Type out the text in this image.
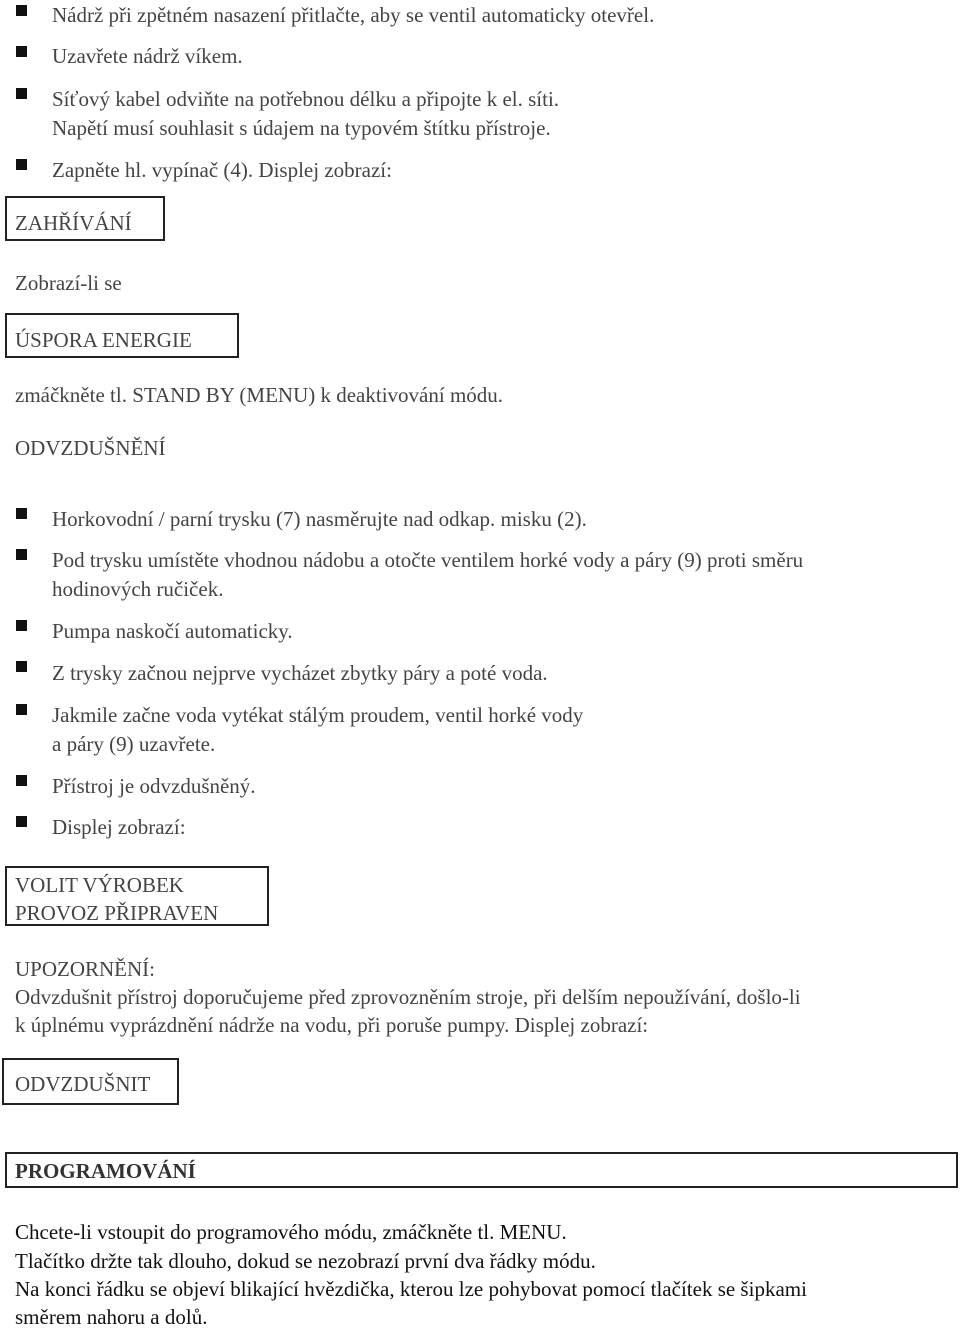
Nádrž při zpětném nasazení přitlačte, aby se ventil automaticky otevřel.
Uzavřete nádrž víkem.
Síťový kabel odviňte na potřebnou délku a připojte k el. síti.
Napětí musí souhlasit s údajem na typovém štítku přístroje.
Zapněte hl. vypínač (4). Displej zobrazí:
ZAHŘÍVÁNÍ
Zobrazí-li se
ÚSPORA ENERGIE
zmáčkněte tl. STAND BY (MENU) k deaktivování módu.
ODVZDUŠNĚNÍ
Horkovodní / parní trysku (7) nasměrujte nad odkap. misku (2).
Pod trysku umístěte vhodnou nádobu a otočte ventilem horké vody a páry (9) proti směru
hodinových ručiček.
Pumpa naskočí automaticky.
Z trysky začnou nejprve vycházet zbytky páry a poté voda.
Jakmile začne voda vytékat stálým proudem, ventil horké vody
a páry (9) uzavřete.
Přístroj je odvzdušněný.
Displej zobrazí:
VOLIT VÝROBEK
PROVOZ PŘIPRAVEN
UPOZORNĚNÍ:
Odvzdušnit přístroj doporučujeme před zprovozněním stroje, při delším nepoužívání, došlo-li
k úplnému vyprázdnění nádrže na vodu, při poruše pumpy. Displej zobrazí:
ODVZDUŠNIT
PROGRAMOVÁNÍ
Chcete-li vstoupit do programového módu, zmáčkněte tl. MENU.
Tlačítko držte tak dlouho, dokud se nezobrazí první dva řádky módu.
Na konci řádku se objeví blikající hvězdička, kterou lze pohybovat pomocí tlačítek se šipkami
směrem nahoru a dolů.
